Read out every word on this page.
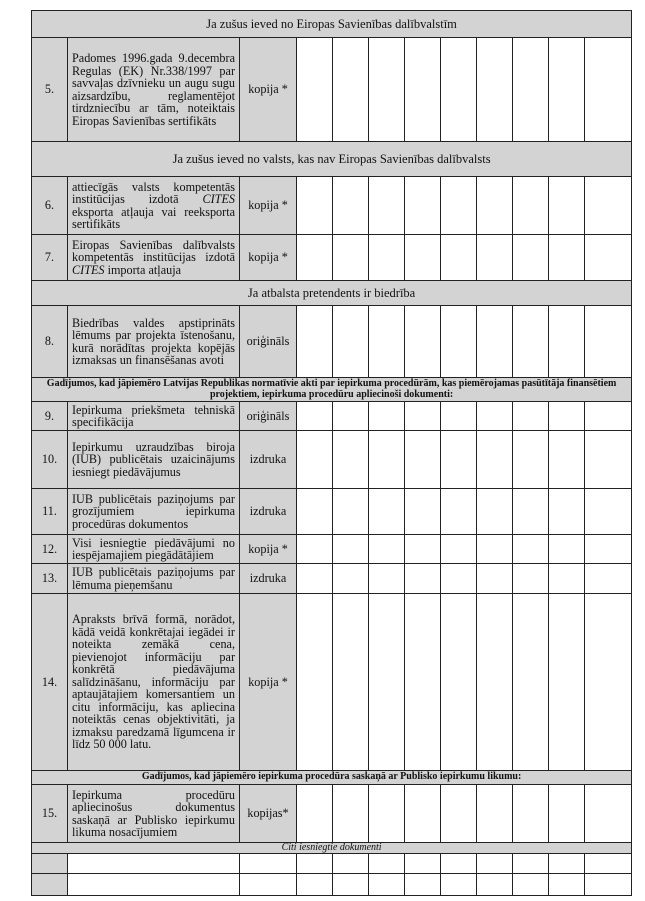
Ja zušus ieved no Eiropas Savienības dalībvalstīm											
5.	Padomes 1996.gada 9.decembra Regulas (EK) Nr.338/1997 par savvaļas dzīvnieku un augu sugu aizsardzību, reglamentējot tirdzniecību ar tām, noteiktais Eiropas Savienības sertifikāts	kopija *									
Ja zušus ieved no valsts, kas nav Eiropas Savienības dalībvalsts											
6.	attiecīgās valsts kompetentās institūcijas izdotā CITES eksporta atļauja vai reeksporta sertifikāts	kopija *									
7.	Eiropas Savienības dalībvalsts kompetentās institūcijas izdotā CITES importa atļauja	kopija *									
Ja atbalsta pretendents ir biedrība											
8.	Biedrības valdes apstiprināts lēmums par projekta īstenošanu, kurā norādītas projekta kopējās izmaksas un finansēšanas avoti	oriģināls									
Gadījumos, kad jāpiemēro Latvijas Republikas normatīvie akti par iepirkuma procedūrām, kas piemērojamas pasūtītāja finansētiem projektiem, iepirkuma procedūru apliecinoši dokumenti:											
9.	Iepirkuma priekšmeta tehniskā specifikācija	oriģināls									
10.	Iepirkumu uzraudzības biroja (IUB) publicētais uzaicinājums iesniegt piedāvājumus	izdruka									
11.	IUB publicētais paziņojums par grozījumiem iepirkuma procedūras dokumentos	izdruka									
12.	Visi iesniegtie piedāvājumi no iespējamajiem piegādātājiem	kopija *									
13.	IUB publicētais paziņojums par lēmuma pieņemšanu	izdruka									
14.	Apraksts brīvā formā, norādot, kādā veidā konkrētajai iegādei ir noteikta zemākā cena, pievienojot informāciju par konkrētā piedāvājuma salīdzināšanu, informāciju par aptaujātajiem komersantiem un citu informāciju, kas apliecina noteiktās cenas objektivitāti, ja izmaksu paredzamā līgumcena ir līdz 50 000 latu.	kopija *									
Gadījumos, kad jāpiemēro iepirkuma procedūra saskaņā ar Publisko iepirkumu likumu:											
15.	Iepirkuma procedūru apliecinošus dokumentus saskaņā ar Publisko iepirkumu likuma nosacījumiem	kopijas*									
Citi iesniegtie dokumenti											
